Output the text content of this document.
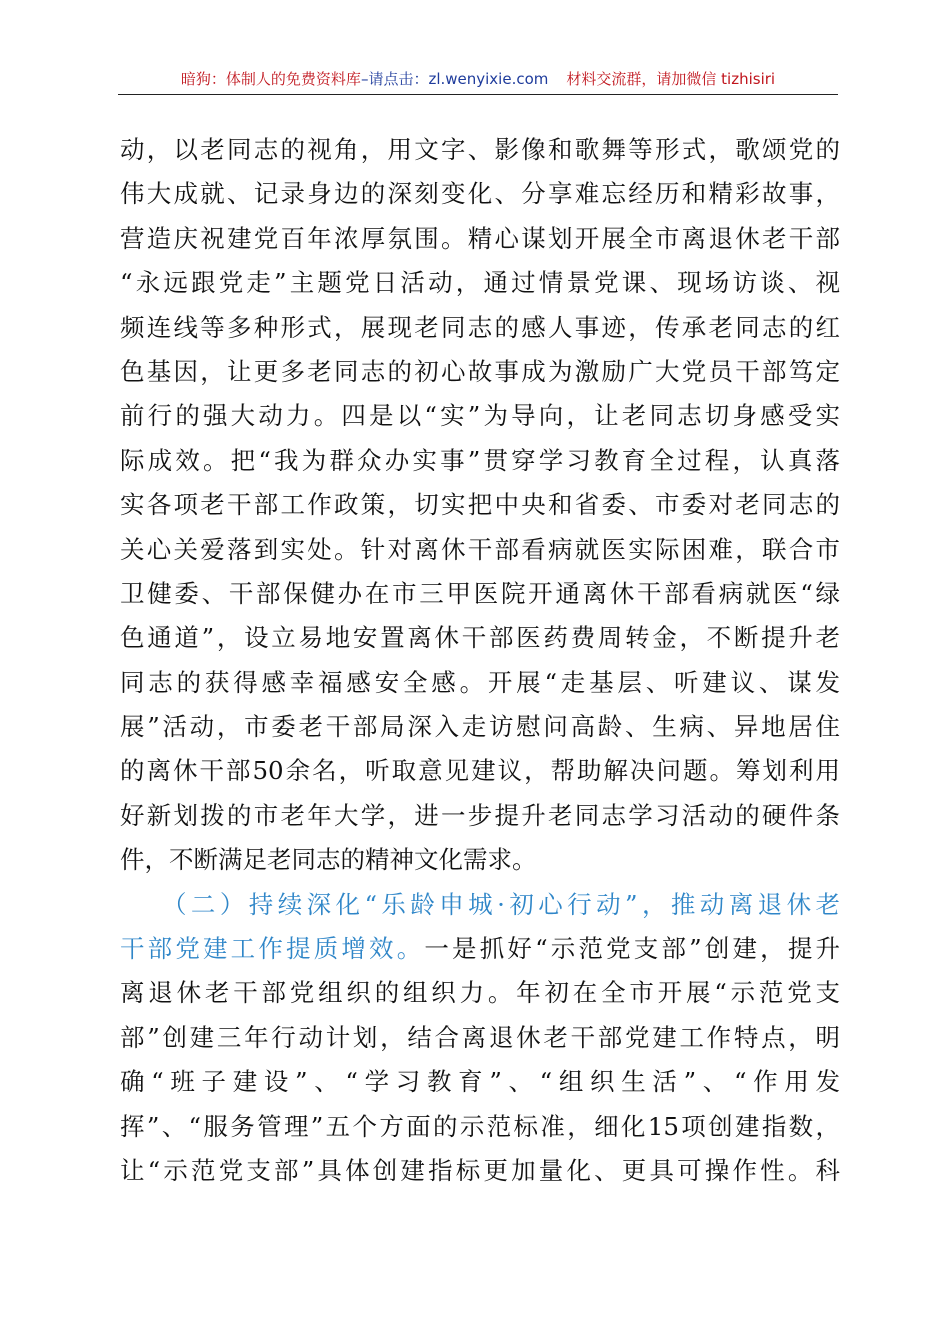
暗狗：体制人的免费资料库–请点击：zl.wenyixie.com 材料交流群，请加微信 tizhisiri
动，以老同志的视角，用文字、影像和歌舞等形式，歌颂党的
伟大成就、记录身边的深刻变化、分享难忘经历和精彩故事，
营造庆祝建党百年浓厚氛围。精心谋划开展全市离退休老干部
“永远跟党走”主题党日活动，通过情景党课、现场访谈、视
频连线等多种形式，展现老同志的感人事迹，传承老同志的红
色基因，让更多老同志的初心故事成为激励广大党员干部笃定
前行的强大动力。四是以“实”为导向，让老同志切身感受实
际成效。把“我为群众办实事”贯穿学习教育全过程，认真落
实各项老干部工作政策，切实把中央和省委、市委对老同志的
关心关爱落到实处。针对离休干部看病就医实际困难，联合市
卫健委、干部保健办在市三甲医院开通离休干部看病就医“绿
色通道”，设立易地安置离休干部医药费周转金，不断提升老
同志的获得感幸福感安全感。开展“走基层、听建议、谋发
展”活动，市委老干部局深入走访慰问高龄、生病、异地居住
的离休干部50余名，听取意见建议，帮助解决问题。筹划利用
好新划拨的市老年大学，进一步提升老同志学习活动的硬件条
件，不断满足老同志的精神文化需求。
（二）持续深化“乐龄申城·初心行动”，推动离退休老
干部党建工作提质增效。一是抓好“示范党支部”创建，提升
离退休老干部党组织的组织力。年初在全市开展“示范党支
部”创建三年行动计划，结合离退休老干部党建工作特点，明
确“班子建设”、“学习教育”、“组织生活”、“作用发
挥”、“服务管理”五个方面的示范标准，细化15项创建指数，
让“示范党支部”具体创建指标更加量化、更具可操作性。科
